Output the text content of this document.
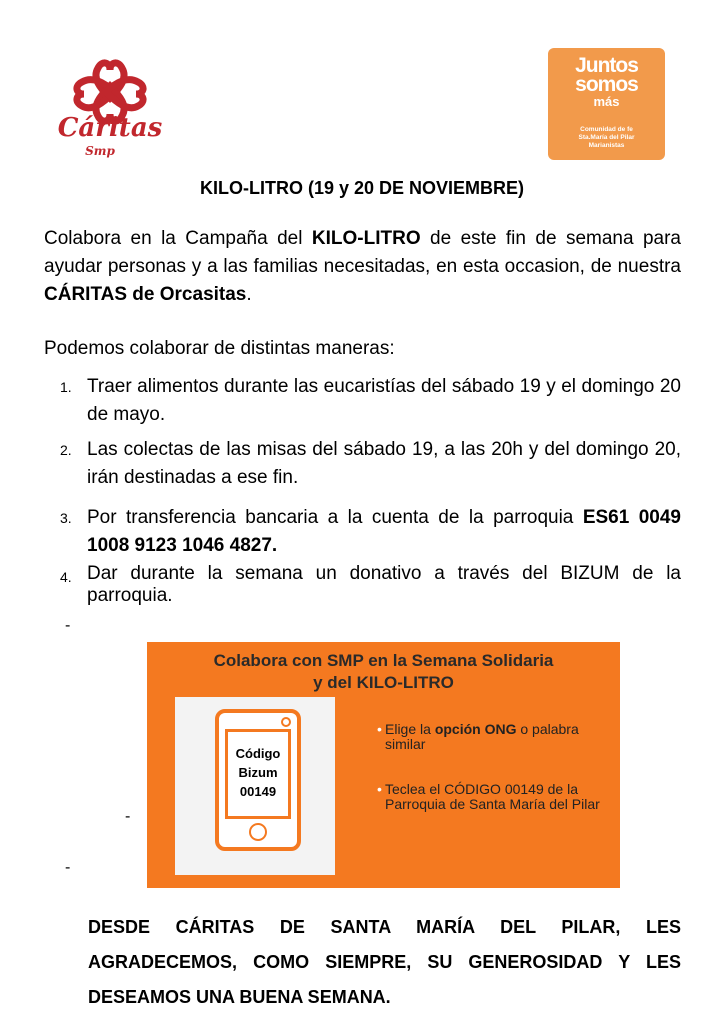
Cáritas
Smp
Juntos
somos
más
Comunidad de fe
Sta.María del Pilar
Marianistas
KILO-LITRO (19 y 20 DE NOVIEMBRE)
Colabora en la Campaña del KILO-LITRO de este fin de semana para ayudar personas y a las familias necesitadas, en esta occasion, de nuestra CÁRITAS de Orcasitas.
Podemos colaborar de distintas maneras:
1. Traer alimentos durante las eucaristías del sábado 19 y el domingo 20 de mayo.
2. Las colectas de las misas del sábado 19, a las 20h y del domingo 20, irán destinadas a ese fin.
3. Por transferencia bancaria a la cuenta de la parroquia ES61 0049 1008 9123 1046 4827.
4. Dar durante la semana un donativo a través del BIZUM de la parroquia.
-
Colabora con SMP en la Semana Solidaria
y del KILO-LITRO
Código
Bizum
00149
• Elige la opción ONG o palabra similar
• Teclea el CÓDIGO 00149 de la Parroquia de Santa María del Pilar
-
-
DESDE CÁRITAS DE SANTA MARÍA DEL PILAR, LES AGRADECEMOS, COMO SIEMPRE, SU GENEROSIDAD Y LES DESEAMOS UNA BUENA SEMANA.
